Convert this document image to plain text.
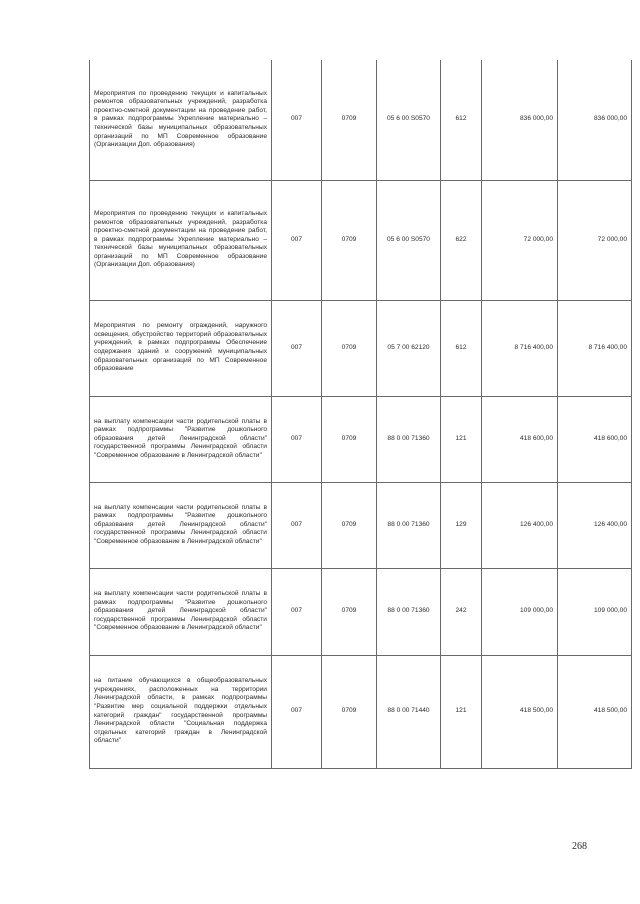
Мероприятия по проведению текущих и капитальных ремонтов образовательных учреждений, разработка проектно-сметной документации на проведение работ, в рамках подпрограммы Укрепление материально – технической базы муниципальных образовательных организаций по МП Современное образование (Организации Доп. образования)	007	0709	05 6 00 S0570	612	836 000,00	836 000,00
Мероприятия по проведению текущих и капитальных ремонтов образовательных учреждений, разработка проектно-сметной документации на проведение работ, в рамках подпрограммы Укрепление материально – технической базы муниципальных образовательных организаций по МП Современное образование (Организации Доп. образования)	007	0709	05 6 00 S0570	622	72 000,00	72 000,00
Мероприятия по ремонту ограждений, наружного освещения, обустройство территорий образовательных учреждений, в рамках подпрограммы Обеспечение содержания зданий и сооружений муниципальных образовательных организаций по МП Современное образование	007	0709	05 7 00 62120	612	8 716 400,00	8 716 400,00
на выплату компенсации части родительской платы в рамках подпрограммы "Развитие дошкольного образования детей Ленинградской области" государственной программы Ленинградской области "Современное образование в Ленинградской области"	007	0709	88 0 00 71360	121	418 600,00	418 600,00
на выплату компенсации части родительской платы в рамках подпрограммы "Развитие дошкольного образования детей Ленинградской области" государственной программы Ленинградской области "Современное образование в Ленинградской области"	007	0709	88 0 00 71360	129	126 400,00	126 400,00
на выплату компенсации части родительской платы в рамках подпрограммы "Развитие дошкольного образования детей Ленинградской области" государственной программы Ленинградской области "Современное образование в Ленинградской области"	007	0709	88 0 00 71360	242	109 000,00	109 000,00
на питание обучающихся в общеобразовательных учреждениях, расположенных на территории Ленинградской области, в рамках подпрограммы "Развитие мер социальной поддержки отдельных категорий граждан" государственной программы Ленинградской области "Социальная поддержка отдельных категорий граждан в Ленинградской области"	007	0709	88 0 00 71440	121	418 500,00	418 500,00
268
